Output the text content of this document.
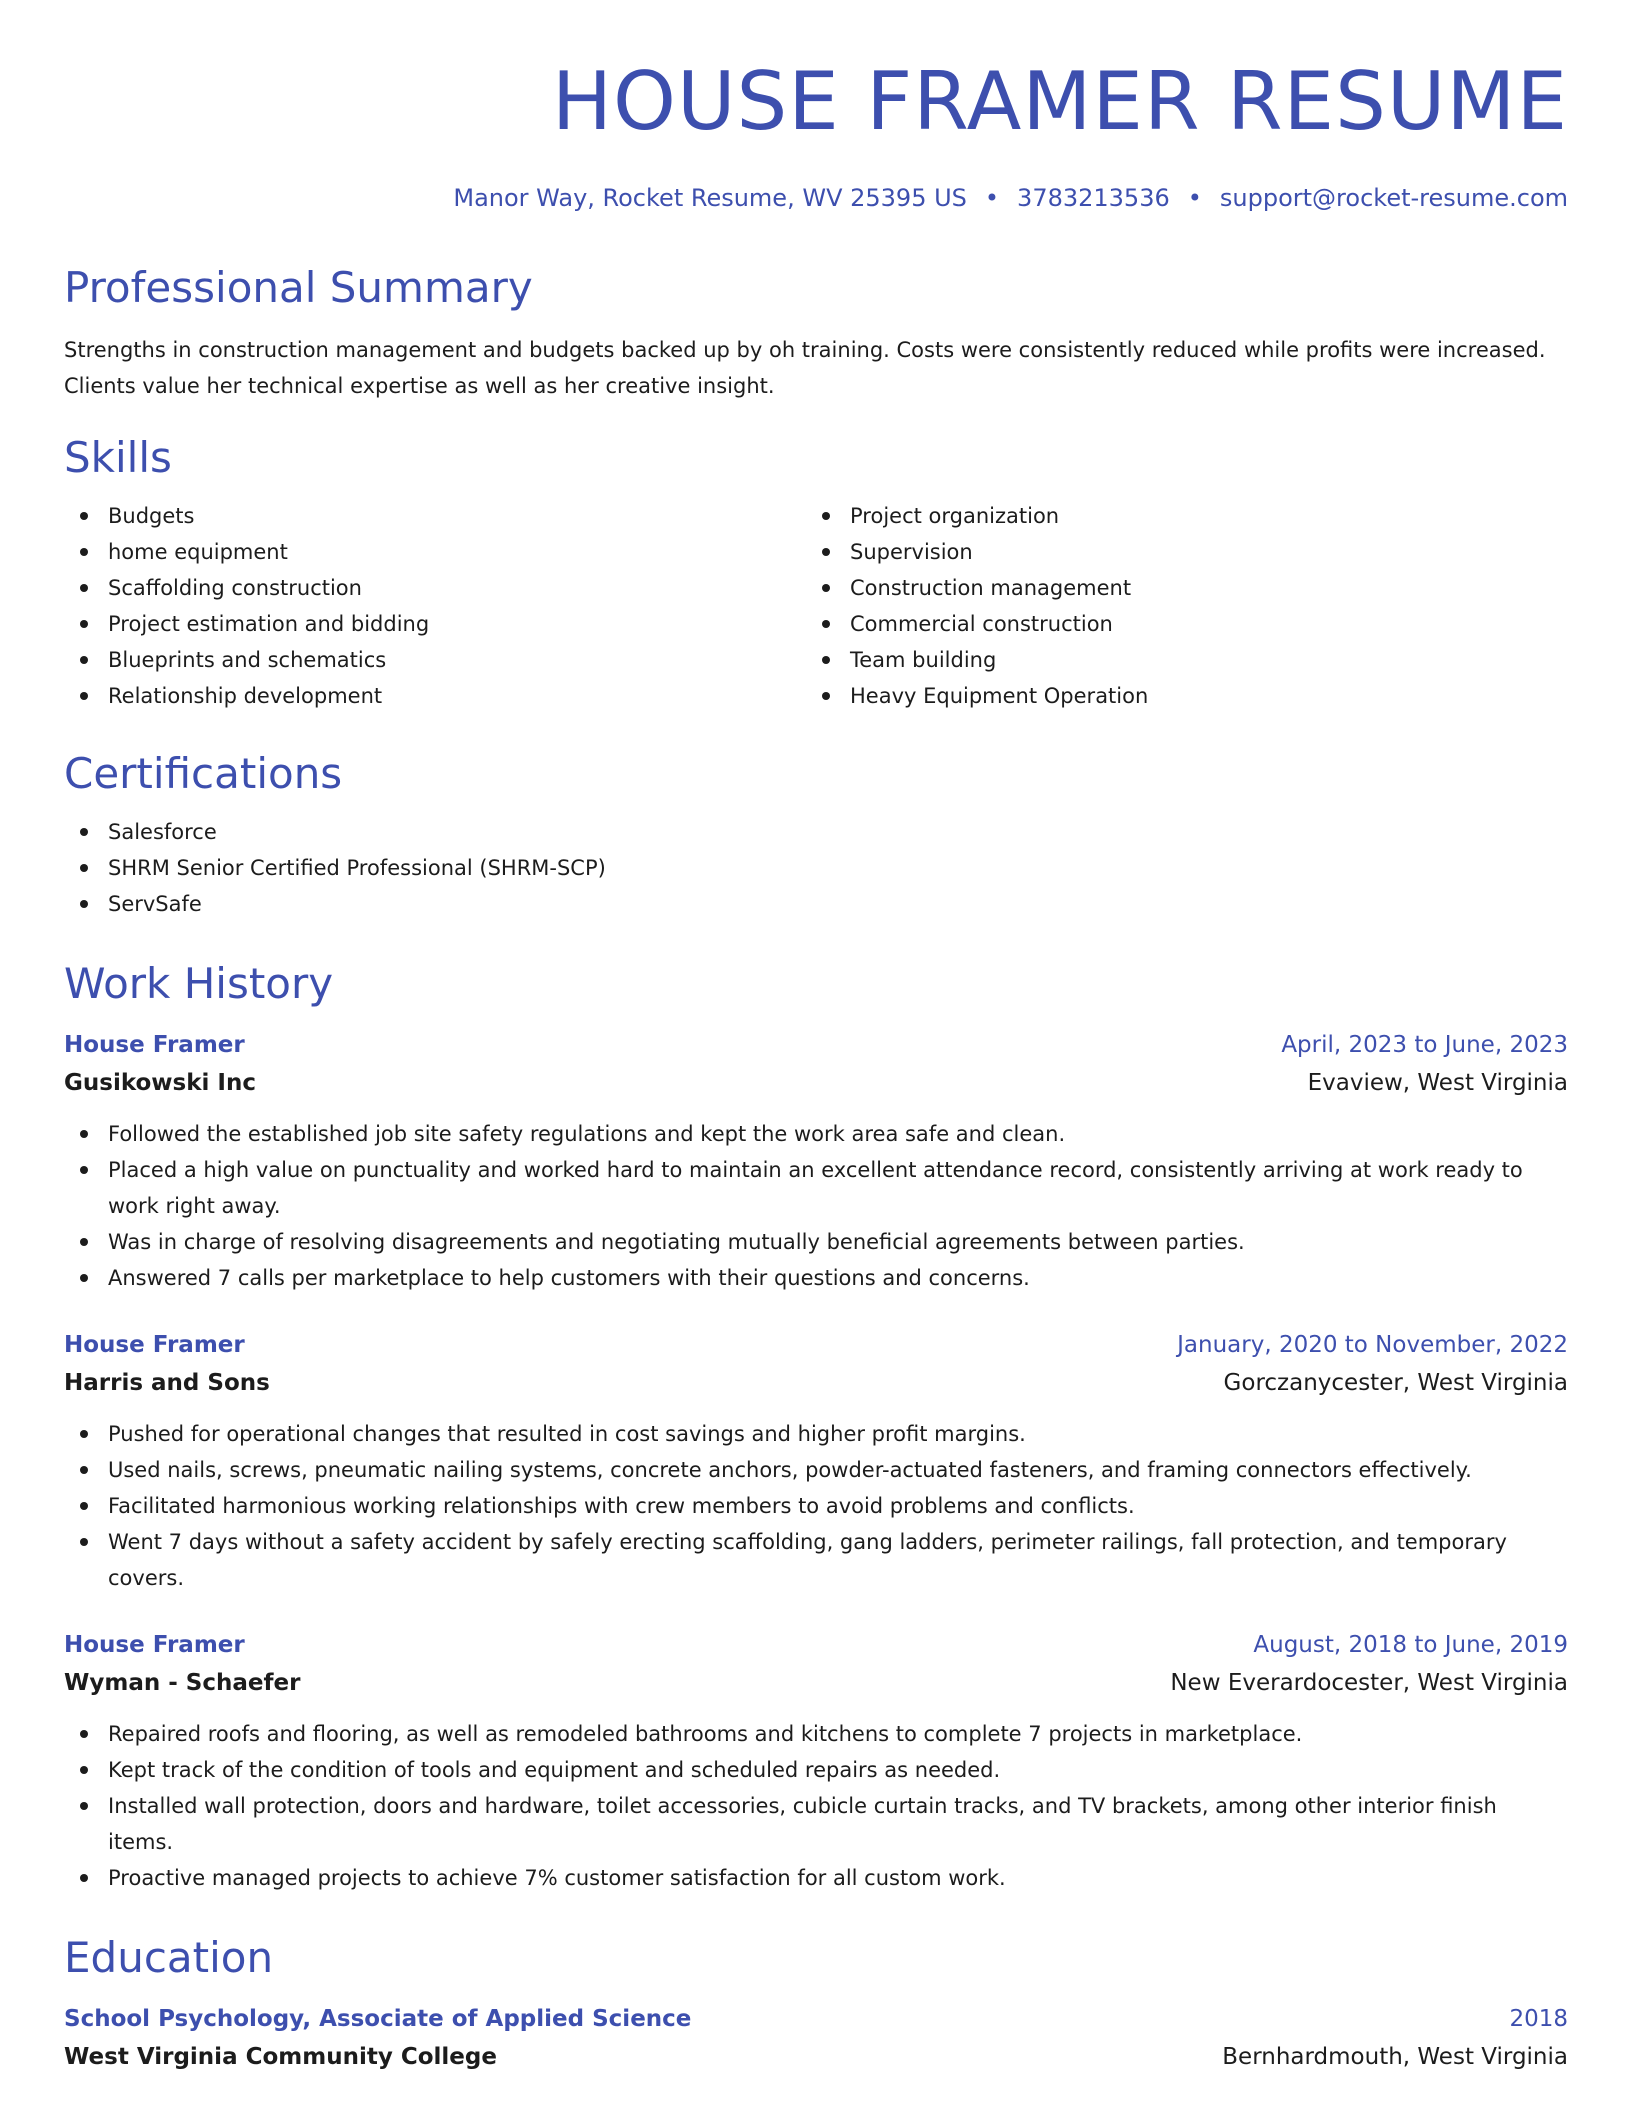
HOUSE FRAMER RESUME
Manor Way, Rocket Resume, WV 25395 US • 3783213536 • support@rocket-resume.com
Professional Summary

Strengths in construction management and budgets backed up by oh training. Costs were consistently reduced while profits were increased. Clients value her technical expertise as well as her creative insight.

Skills
Budgets
home equipment
Scaffolding construction
Project estimation and bidding
Blueprints and schematics
Relationship development
Project organization
Supervision
Construction management
Commercial construction
Team building
Heavy Equipment Operation
Certifications
Salesforce
SHRM Senior Certified Professional (SHRM-SCP)
ServSafe
Work History
House Framer	April, 2023 to June, 2023
Gusikowski Inc	Evaview, West Virginia
Followed the established job site safety regulations and kept the work area safe and clean.
Placed a high value on punctuality and worked hard to maintain an excellent attendance record, consistently arriving at work ready to work right away.
Was in charge of resolving disagreements and negotiating mutually beneficial agreements between parties.
Answered 7 calls per marketplace to help customers with their questions and concerns.
House Framer	January, 2020 to November, 2022
Harris and Sons	Gorczanycester, West Virginia
Pushed for operational changes that resulted in cost savings and higher profit margins.
Used nails, screws, pneumatic nailing systems, concrete anchors, powder-actuated fasteners, and framing connectors effectively.
Facilitated harmonious working relationships with crew members to avoid problems and conflicts.
Went 7 days without a safety accident by safely erecting scaffolding, gang ladders, perimeter railings, fall protection, and temporary covers.
House Framer	August, 2018 to June, 2019
Wyman - Schaefer	New Everardocester, West Virginia
Repaired roofs and flooring, as well as remodeled bathrooms and kitchens to complete 7 projects in marketplace.
Kept track of the condition of tools and equipment and scheduled repairs as needed.
Installed wall protection, doors and hardware, toilet accessories, cubicle curtain tracks, and TV brackets, among other interior finish items.
Proactive managed projects to achieve 7% customer satisfaction for all custom work.
Education
School Psychology, Associate of Applied Science	2018
West Virginia Community College	Bernhardmouth, West Virginia
